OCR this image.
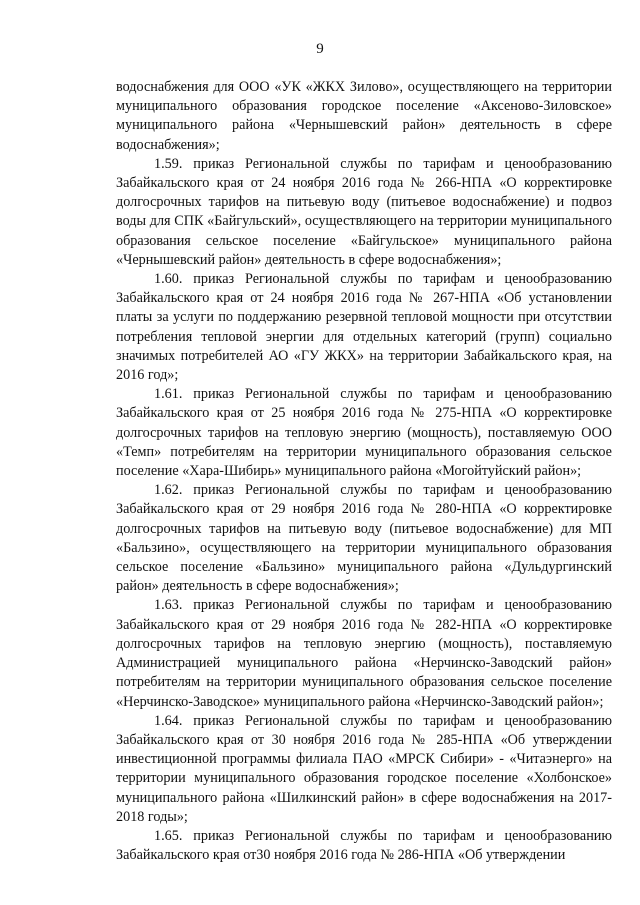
9

водоснабжения для ООО «УК «ЖКХ Зилово», осуществляющего на территории муниципального образования городское поселение «Аксеново-Зиловское» муниципального района «Чернышевский район» деятельность в сфере водоснабжения»;

1.59. приказ Региональной службы по тарифам и ценообразованию Забайкальского края от 24 ноября 2016 года № 266-НПА «О корректировке долгосрочных тарифов на питьевую воду (питьевое водоснабжение) и подвоз воды для СПК «Байгульский», осуществляющего на территории муниципального образования сельское поселение «Байгульское» муниципального района «Чернышевский район» деятельность в сфере водоснабжения»;

1.60. приказ Региональной службы по тарифам и ценообразованию Забайкальского края от 24 ноября 2016 года № 267-НПА «Об установлении платы за услуги по поддержанию резервной тепловой мощности при отсутствии потребления тепловой энергии для отдельных категорий (групп) социально значимых потребителей АО «ГУ ЖКХ» на территории Забайкальского края, на 2016 год»;

1.61. приказ Региональной службы по тарифам и ценообразованию Забайкальского края от 25 ноября 2016 года № 275-НПА «О корректировке долгосрочных тарифов на тепловую энергию (мощность), поставляемую ООО «Темп» потребителям на территории муниципального образования сельское поселение «Хара-Шибирь» муниципального района «Могойтуйский район»;

1.62. приказ Региональной службы по тарифам и ценообразованию Забайкальского края от 29 ноября 2016 года № 280-НПА «О корректировке долгосрочных тарифов на питьевую воду (питьевое водоснабжение) для МП «Бальзино», осуществляющего на территории муниципального образования сельское поселение «Бальзино» муниципального района «Дульдургинский район» деятельность в сфере водоснабжения»;

1.63. приказ Региональной службы по тарифам и ценообразованию Забайкальского края от 29 ноября 2016 года № 282-НПА «О корректировке долгосрочных тарифов на тепловую энергию (мощность), поставляемую Администрацией муниципального района «Нерчинско-Заводский район» потребителям на территории муниципального образования сельское поселение «Нерчинско-Заводское» муниципального района «Нерчинско-Заводский район»;

1.64. приказ Региональной службы по тарифам и ценообразованию Забайкальского края от 30 ноября 2016 года № 285-НПА «Об утверждении инвестиционной программы филиала ПАО «МРСК Сибири» - «Читаэнерго» на территории муниципального образования городское поселение «Холбонское» муниципального района «Шилкинский район» в сфере водоснабжения на 2017-2018 годы»;

1.65. приказ Региональной службы по тарифам и ценообразованию Забайкальского края от30 ноября 2016 года № 286-НПА «Об утверждении
